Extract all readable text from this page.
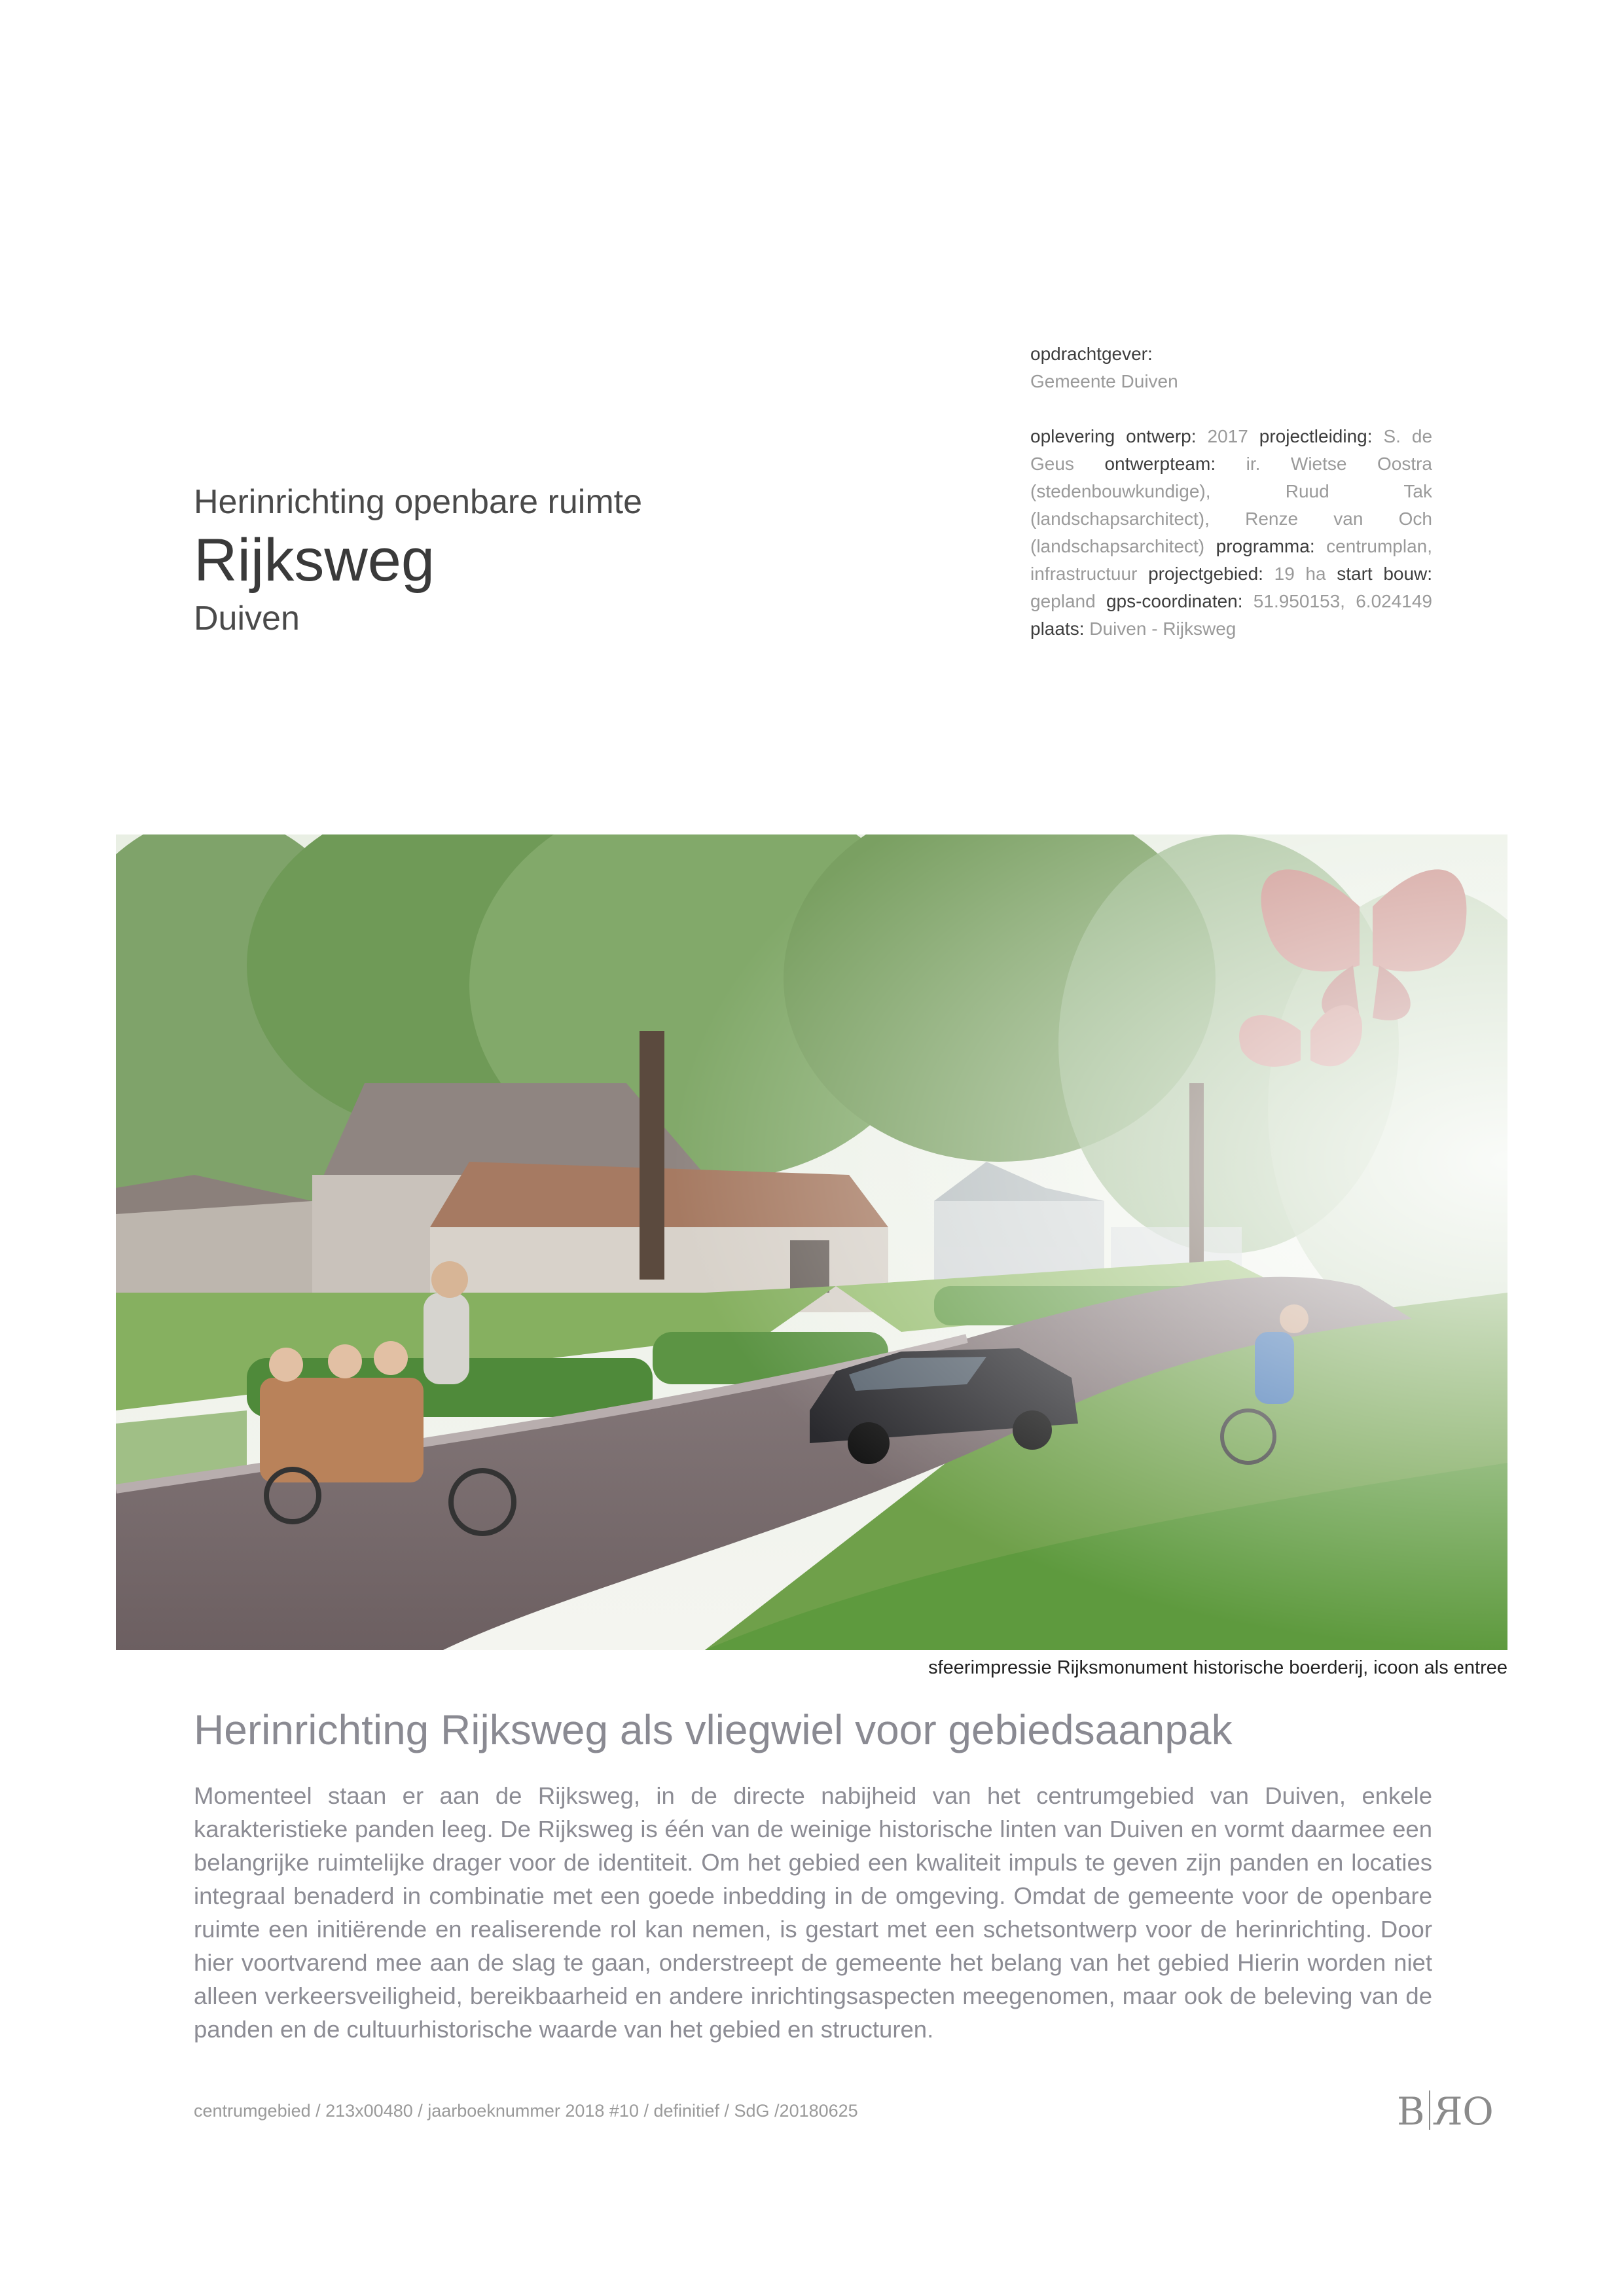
Herinrichting openbare ruimte
Rijksweg
Duiven
opdrachtgever:
Gemeente Duiven
oplevering ontwerp: 2017 projectleiding: S. de Geus ontwerpteam: ir. Wietse Oostra (stedenbouwkundige), Ruud Tak (landschapsarchitect), Renze van Och (landschapsarchitect) programma: centrumplan, infrastructuur projectgebied: 19 ha start bouw: gepland gps-coordinaten: 51.950153, 6.024149 plaats: Duiven - Rijksweg
sfeerimpressie Rijksmonument historische boerderij, icoon als entree
Herinrichting Rijksweg als vliegwiel voor gebiedsaanpak
Momenteel staan er aan de Rijksweg, in de directe nabijheid van het centrumgebied van Duiven, enkele karakteristieke panden leeg. De Rijksweg is één van de weinige historische linten van Duiven en vormt daarmee een belangrijke ruimtelijke drager voor de identiteit. Om het gebied een kwaliteit impuls te geven zijn panden en locaties integraal benaderd in combinatie met een goede inbedding in de omgeving. Omdat de gemeente voor de openbare ruimte een initiërende en realiserende rol kan nemen, is gestart met een schetsontwerp voor de herinrichting. Door hier voortvarend mee aan de slag te gaan, onderstreept de gemeente het belang van het gebied Hierin worden niet alleen verkeersveiligheid, bereikbaarheid en andere inrichtingsaspecten meegenomen, maar ook de beleving van de panden en de cultuurhistorische waarde van het gebied en structuren.
centrumgebied / 213x00480 / jaarboeknummer 2018 #10 / definitief / SdG /20180625	B RO
